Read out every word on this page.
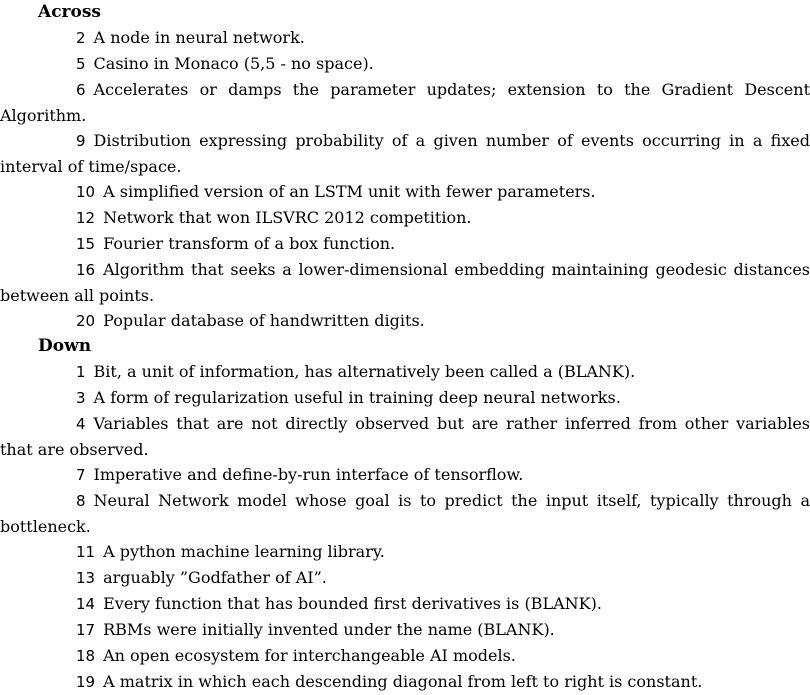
Across

2 A node in neural network.

5 Casino in Monaco (5,5 - no space).

6 Accelerates or damps the parameter updates; extension to the Gradient Descent Algorithm.

9 Distribution expressing probability of a given number of events occurring in a fixed interval of time/space.

10 A simplified version of an LSTM unit with fewer parameters.

12 Network that won ILSVRC 2012 competition.

15 Fourier transform of a box function.

16 Algorithm that seeks a lower-dimensional embedding maintaining geodesic distances between all points.

20 Popular database of handwritten digits.

Down

1 Bit, a unit of information, has alternatively been called a (BLANK).

3 A form of regularization useful in training deep neural networks.

4 Variables that are not directly observed but are rather inferred from other variables that are observed.

7 Imperative and define-by-run interface of tensorflow.

8 Neural Network model whose goal is to predict the input itself, typically through a bottleneck.

11 A python machine learning library.

13 arguably ”Godfather of AI”.

14 Every function that has bounded first derivatives is (BLANK).

17 RBMs were initially invented under the name (BLANK).

18 An open ecosystem for interchangeable AI models.

19 A matrix in which each descending diagonal from left to right is constant.
